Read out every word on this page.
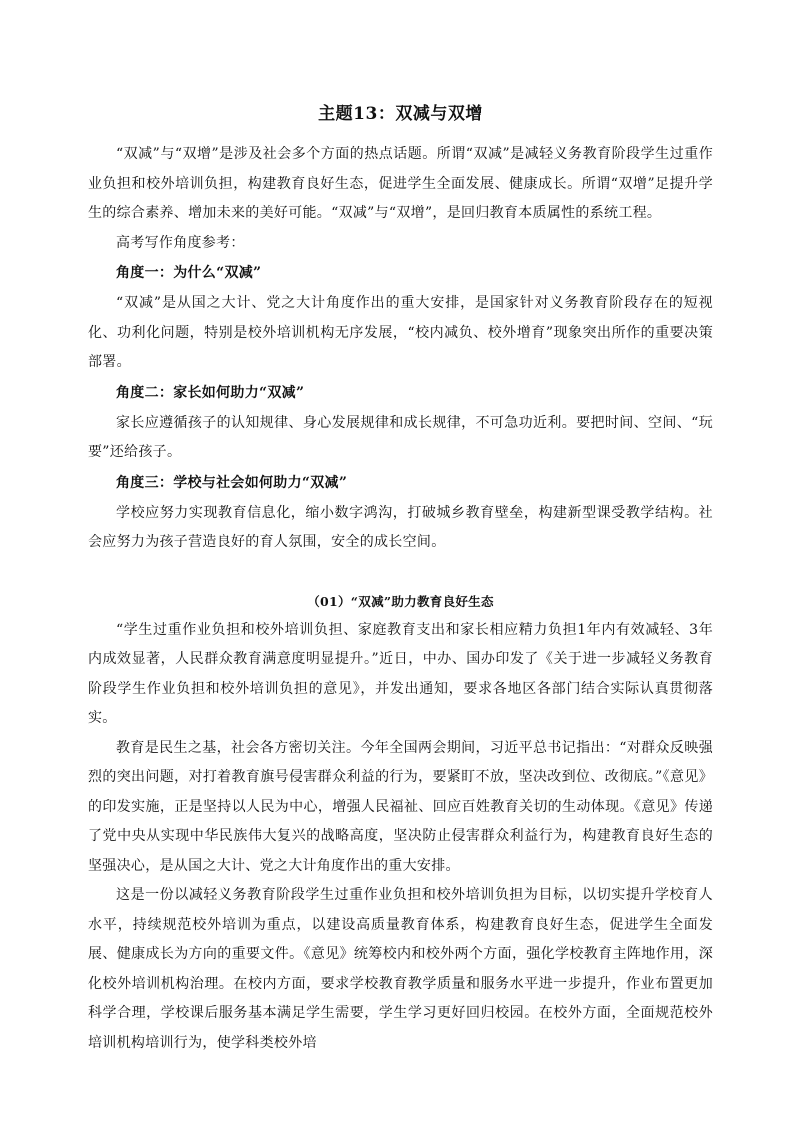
主题13：双减与双增

“双减”与“双增”是涉及社会多个方面的热点话题。所谓“双减”是减轻义务教育阶段学生过重作业负担和校外培训负担，构建教育良好生态，促进学生全面发展、健康成长。所谓“双增”足提升学生的综合素养、增加未来的美好可能。“双减”与“双增”，是回归教育本质属性的系统工程。

高考写作角度参考：

角度一：为什么“双减”

“双减”是从国之大计、党之大计角度作出的重大安排，是国家针对义务教育阶段存在的短视化、功利化问题，特别是校外培训机构无序发展，“校内减负、校外增育”现象突出所作的重要决策部署。

角度二：家长如何助力“双减”

家长应遵循孩子的认知规律、身心发展规律和成长规律，不可急功近利。要把时间、空间、“玩要”还给孩子。

角度三：学校与社会如何助力“双减”

学校应努力实现教育信息化，缩小数字鸿沟，打破城乡教育壁垒，构建新型课受教学结构。社会应努力为孩子营造良好的育人氛围，安全的成长空间。

（01）“双减”助力教育良好生态

“学生过重作业负担和校外培训负担、家庭教育支出和家长相应精力负担1年内有效减轻、3年内成效显著，人民群众教育满意度明显提升。”近日，中办、国办印发了《关于进一步减轻义务教育阶段学生作业负担和校外培训负担的意见》，并发出通知，要求各地区各部门结合实际认真贯彻落实。

教育是民生之基，社会各方密切关注。今年全国两会期间，习近平总书记指出：“对群众反映强烈的突出问题，对打着教育旗号侵害群众利益的行为，要紧盯不放，坚决改到位、改彻底。”《意见》的印发实施，正是坚持以人民为中心，增强人民福祉、回应百姓教育关切的生动体现。《意见》传递了党中央从实现中华民族伟大复兴的战略高度，坚决防止侵害群众利益行为，构建教育良好生态的坚强决心，是从国之大计、党之大计角度作出的重大安排。

这是一份以减轻义务教育阶段学生过重作业负担和校外培训负担为目标，以切实提升学校育人水平，持续规范校外培训为重点，以建设高质量教育体系，构建教育良好生态，促进学生全面发展、健康成长为方向的重要文件。《意见》统筹校内和校外两个方面，强化学校教育主阵地作用，深化校外培训机构治理。在校内方面，要求学校教育教学质量和服务水平进一步提升，作业布置更加科学合理，学校课后服务基本满足学生需要，学生学习更好回归校园。在校外方面，全面规范校外培训机构培训行为，使学科类校外培
